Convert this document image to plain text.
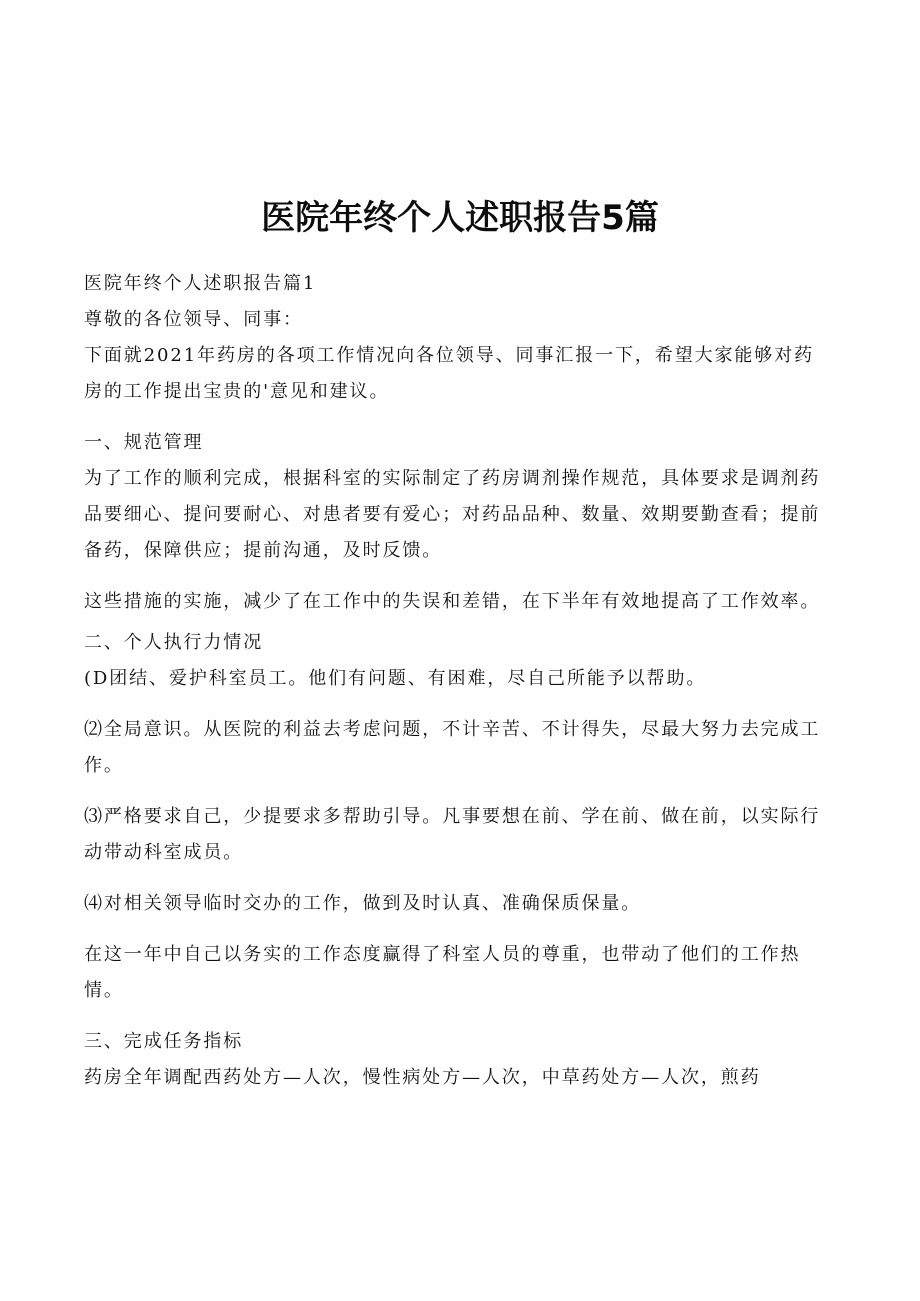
医院年终个人述职报告5篇

医院年终个人述职报告篇1

尊敬的各位领导、同事：

下面就2021年药房的各项工作情况向各位领导、同事汇报一下，希望大家能够对药房的工作提出宝贵的'意见和建议。

一、规范管理

为了工作的顺利完成，根据科室的实际制定了药房调剂操作规范，具体要求是调剂药品要细心、提问要耐心、对患者要有爱心；对药品品种、数量、效期要勤查看；提前备药，保障供应；提前沟通，及时反馈。

这些措施的实施，减少了在工作中的失误和差错，在下半年有效地提高了工作效率。

二、个人执行力情况

(D团结、爱护科室员工。他们有问题、有困难，尽自己所能予以帮助。

⑵全局意识。从医院的利益去考虑问题，不计辛苦、不计得失，尽最大努力去完成工作。

⑶严格要求自己，少提要求多帮助引导。凡事要想在前、学在前、做在前，以实际行动带动科室成员。

⑷对相关领导临时交办的工作，做到及时认真、准确保质保量。

在这一年中自己以务实的工作态度赢得了科室人员的尊重，也带动了他们的工作热情。

三、完成任务指标

药房全年调配西药处方—人次，慢性病处方—人次，中草药处方—人次，煎药
